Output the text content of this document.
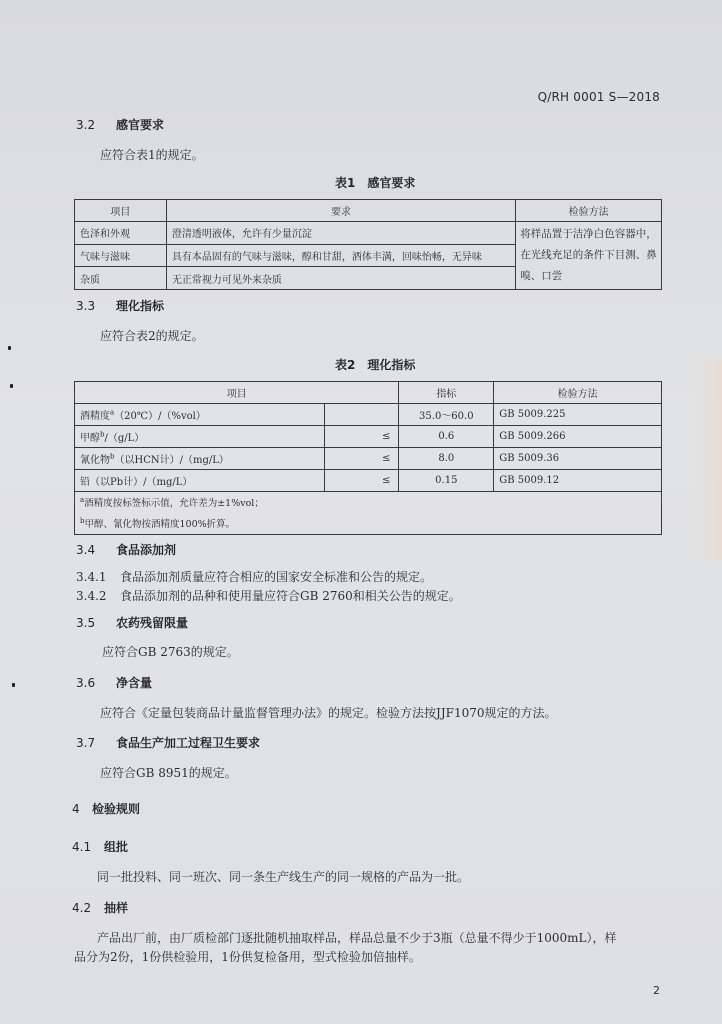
Q/RH 0001 S—2018
3.2 感官要求
应符合表1的规定。
表1　感官要求
项目	要求	检验方法
色泽和外观	澄清透明液体，允许有少量沉淀	将样品置于洁净白色容器中，在光线充足的条件下目测、鼻嗅、口尝
气味与滋味	具有本品固有的气味与滋味，醇和甘甜，酒体丰满，回味怡畅，无异味	
杂质	无正常视力可见外来杂质	
3.3 理化指标
应符合表2的规定。
表2　理化指标
项目		指标	检验方法
酒精度$^a$（20℃）/（%vol）		35.0～60.0	GB 5009.225
甲醇$^b$/（g/L）	≤	0.6	GB 5009.266
氰化物$^b$（以HCN计）/（mg/L）	≤	8.0	GB 5009.36
铅（以Pb计）/（mg/L）	≤	0.15	GB 5009.12
$^a$酒精度按标签标示值，允许差为±1%vol；			
$^b$甲醇、氰化物按酒精度100%折算。			
3.4 食品添加剂
3.4.1 食品添加剂质量应符合相应的国家安全标准和公告的规定。
3.4.2 食品添加剂的品种和使用量应符合GB 2760和相关公告的规定。
3.5 农药残留限量
应符合GB 2763的规定。
3.6 净含量
应符合《定量包装商品计量监督管理办法》的规定。检验方法按JJF1070规定的方法。
3.7 食品生产加工过程卫生要求
应符合GB 8951的规定。
4 检验规则
4.1 组批
同一批投料、同一班次、同一条生产线生产的同一规格的产品为一批。
4.2 抽样
产品出厂前，由厂质检部门逐批随机抽取样品，样品总量不少于3瓶（总量不得少于1000mL），样
品分为2份，1份供检验用，1份供复检备用，型式检验加倍抽样。
2
